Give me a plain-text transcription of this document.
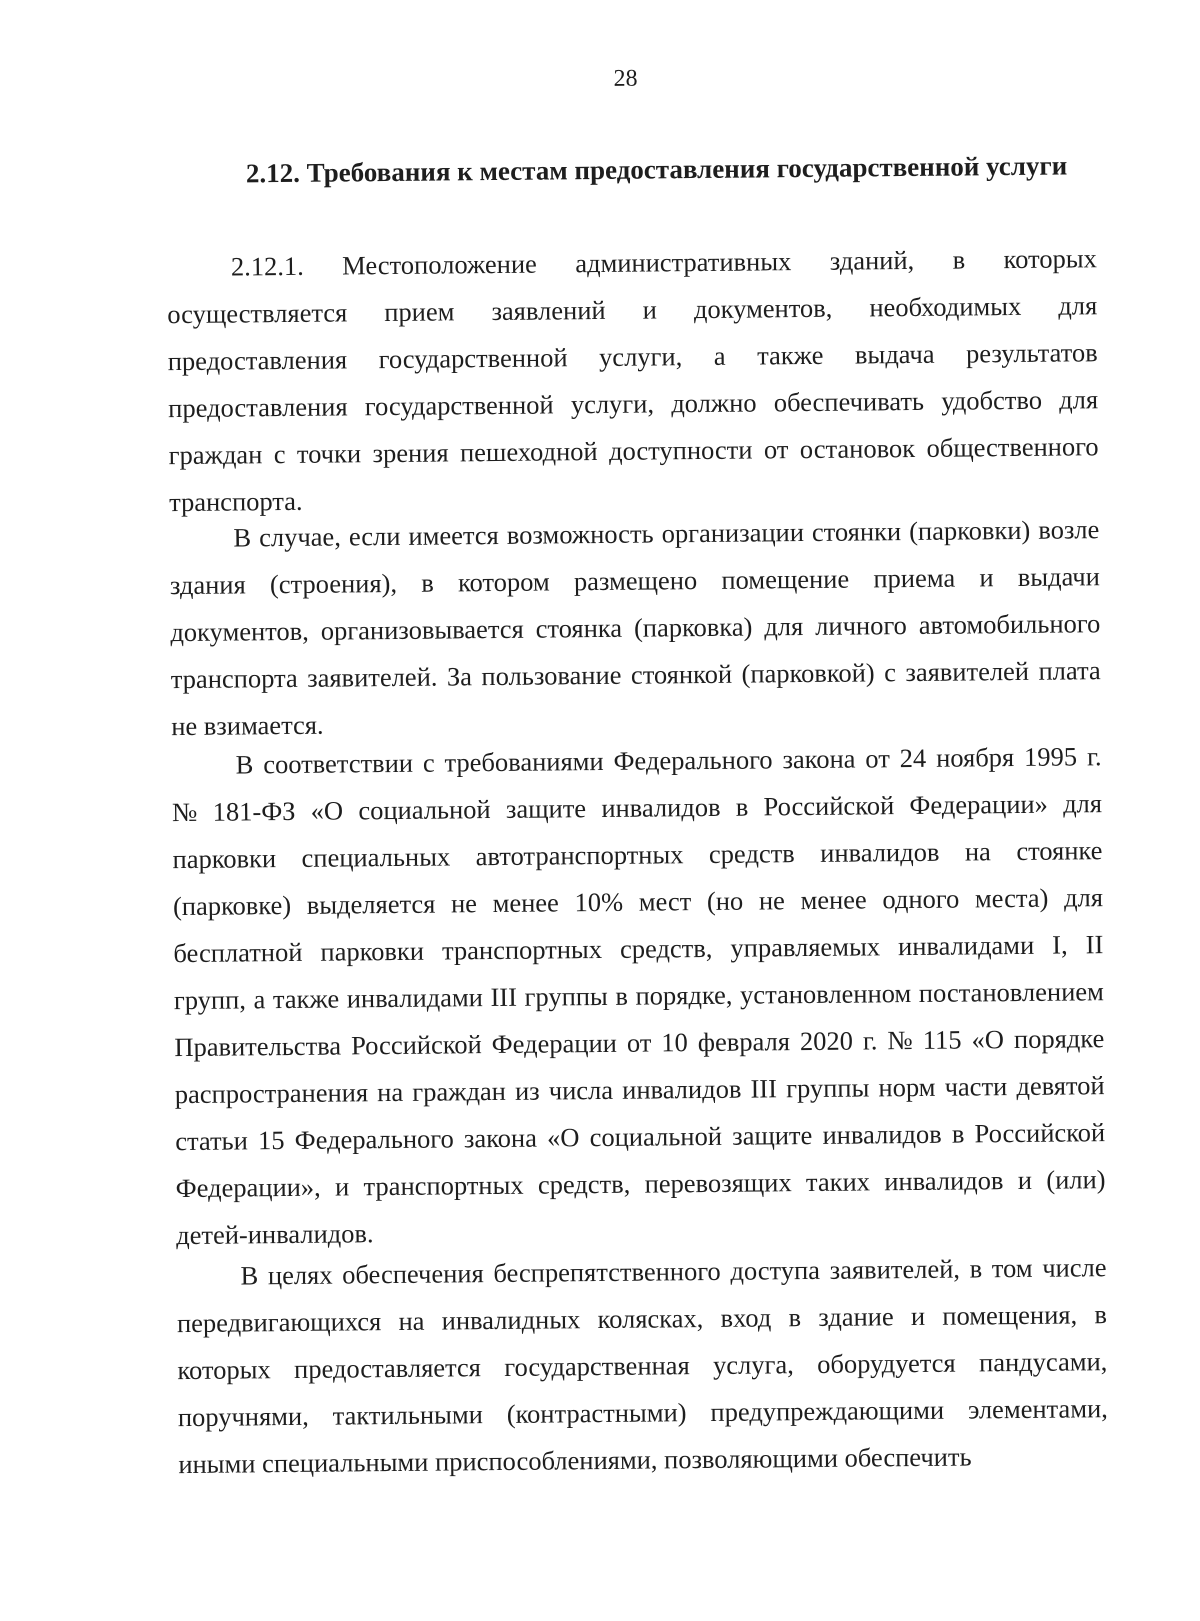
28
2.12. Требования к местам предоставления государственной услуги
2.12.1. Местоположение административных зданий, в которых
осуществляется прием заявлений и документов, необходимых для
предоставления государственной услуги, а также выдача результатов
предоставления государственной услуги, должно обеспечивать удобство для
граждан с точки зрения пешеходной доступности от остановок общественного
транспорта.
В случае, если имеется возможность организации стоянки (парковки) возле
здания (строения), в котором размещено помещение приема и выдачи
документов, организовывается стоянка (парковка) для личного автомобильного
транспорта заявителей. За пользование стоянкой (парковкой) с заявителей плата
не взимается.
В соответствии с требованиями Федерального закона от 24 ноября 1995 г.
№ 181-ФЗ «О социальной защите инвалидов в Российской Федерации» для
парковки специальных автотранспортных средств инвалидов на стоянке
(парковке) выделяется не менее 10% мест (но не менее одного места) для
бесплатной парковки транспортных средств, управляемых инвалидами I, II
групп, а также инвалидами III группы в порядке, установленном постановлением
Правительства Российской Федерации от 10 февраля 2020 г. № 115 «О порядке
распространения на граждан из числа инвалидов III группы норм части девятой
статьи 15 Федерального закона «О социальной защите инвалидов в Российской
Федерации», и транспортных средств, перевозящих таких инвалидов и (или)
детей-инвалидов.
В целях обеспечения беспрепятственного доступа заявителей, в том числе
передвигающихся на инвалидных колясках, вход в здание и помещения, в
которых предоставляется государственная услуга, оборудуется пандусами,
поручнями, тактильными (контрастными) предупреждающими элементами,
иными специальными приспособлениями, позволяющими обеспечить
